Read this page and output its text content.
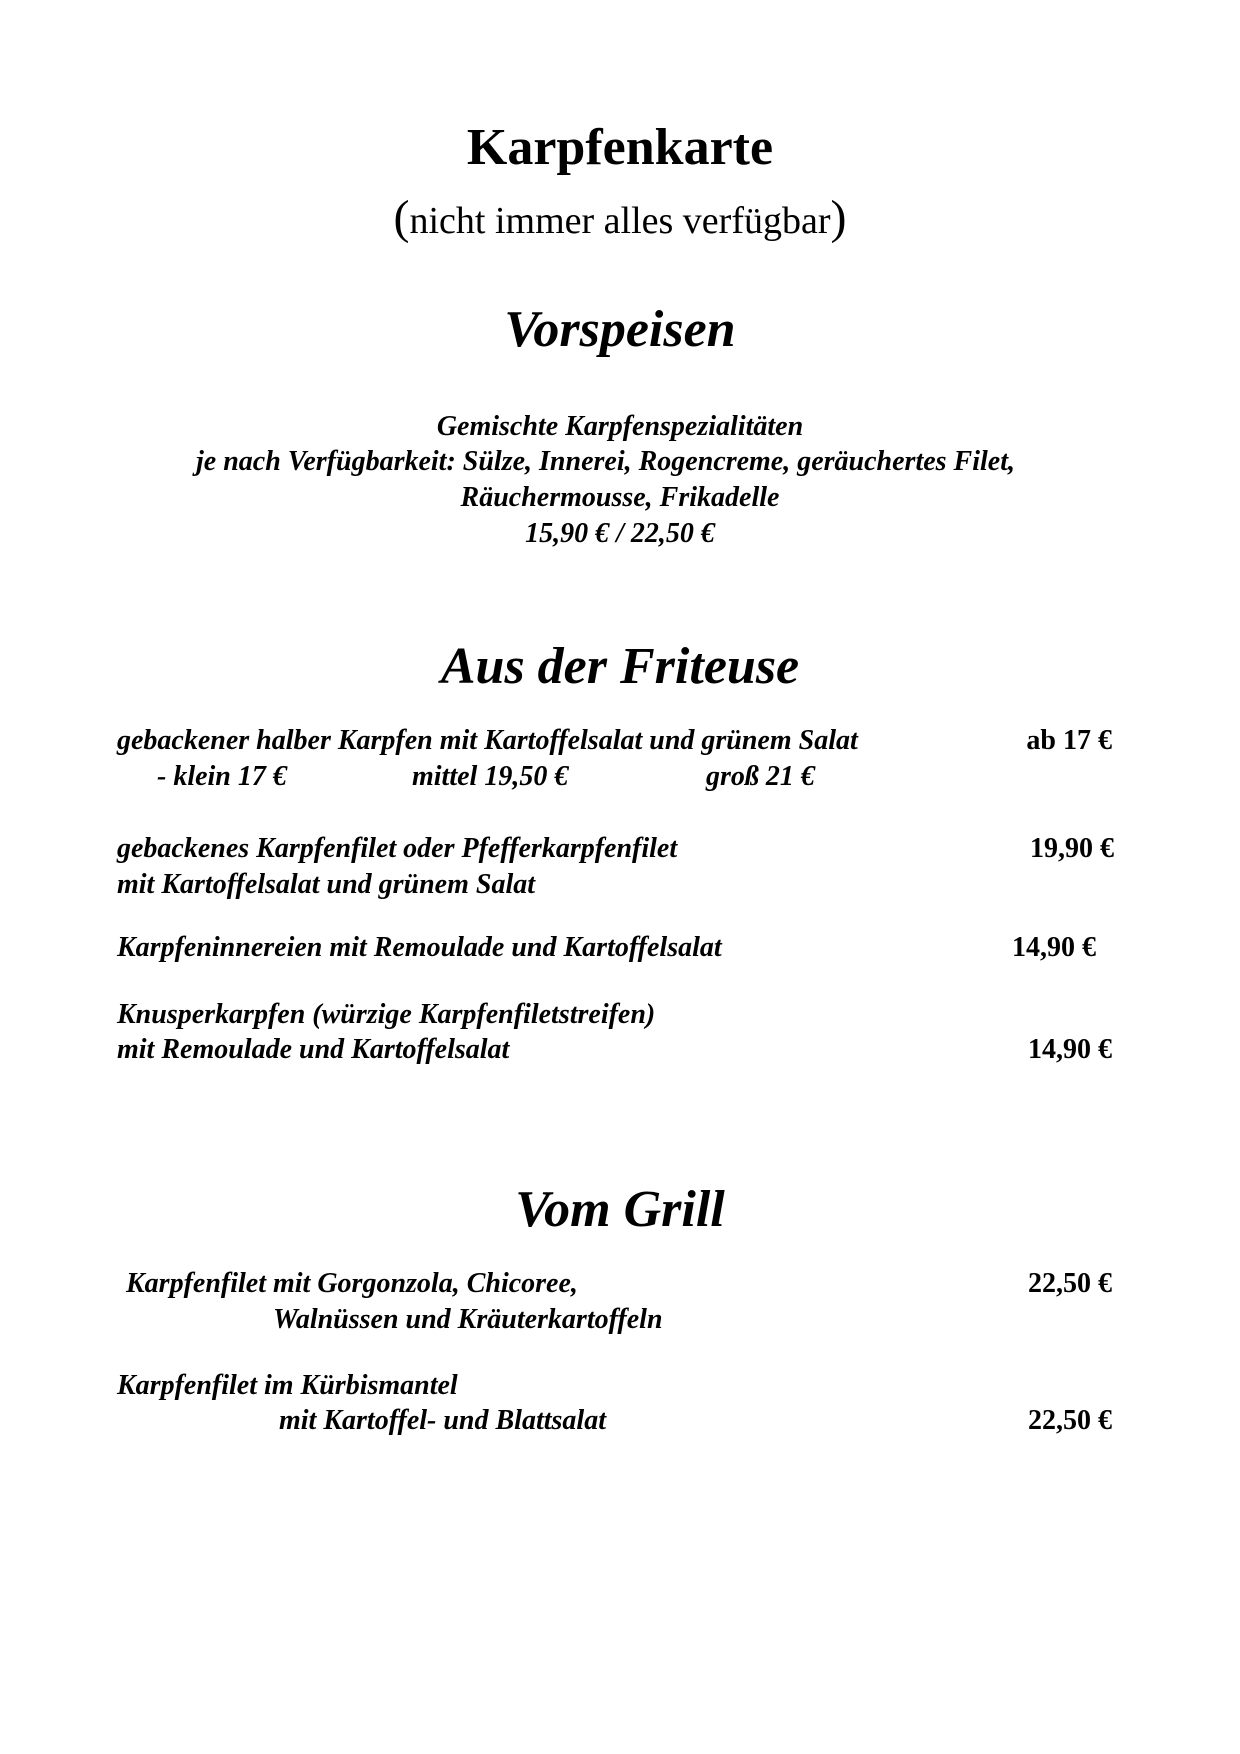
Karpfenkarte
(nicht immer alles verfügbar)
Vorspeisen
Gemischte Karpfenspezialitäten
je nach Verfügbarkeit: Sülze, Innerei, Rogencreme, geräuchertes Filet,
Räuchermousse, Frikadelle
15,90 € / 22,50 €
Aus der Friteuse
gebackener halber Karpfen mit Kartoffelsalat und grünem Salat	ab 17 €
- klein 17 €	mittel 19,50 €	groß 21 €
gebackenes Karpfenfilet oder Pfefferkarpfenfilet	19,90 €
mit Kartoffelsalat und grünem Salat
Karpfeninnereien mit Remoulade und Kartoffelsalat	14,90 €
Knusperkarpfen (würzige Karpfenfiletstreifen)
mit Remoulade und Kartoffelsalat	14,90 €
Vom Grill
Karpfenfilet mit Gorgonzola, Chicoree,	22,50 €
Walnüssen und Kräuterkartoffeln
Karpfenfilet im Kürbismantel
mit Kartoffel- und Blattsalat	22,50 €
